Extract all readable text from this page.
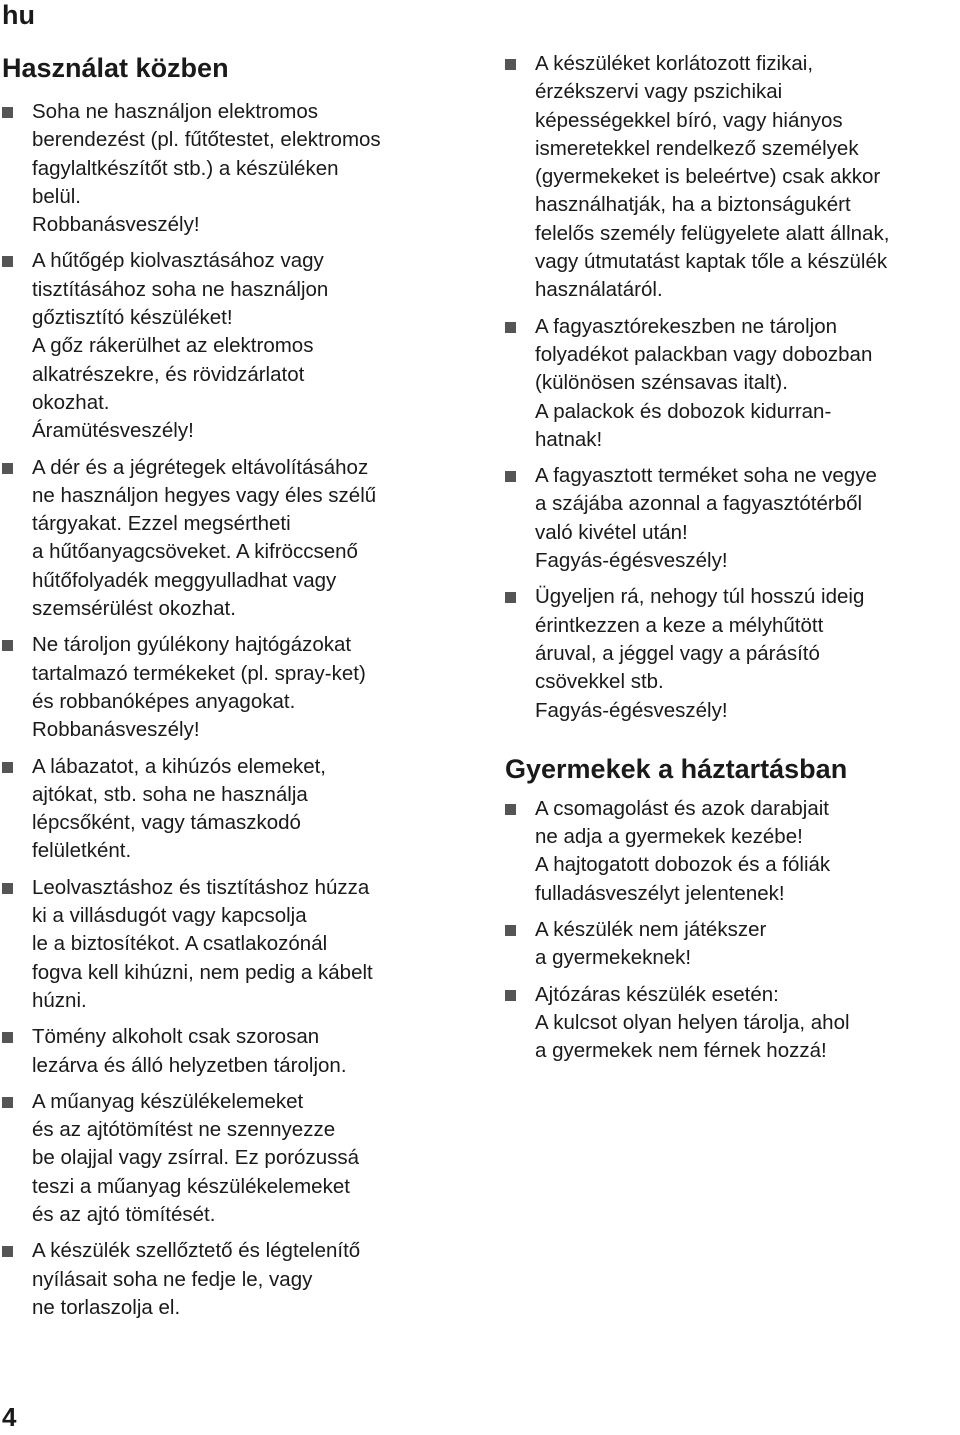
hu
Használat közben
Soha ne használjon elektromos
berendezést (pl. fűtőtestet, elektromos
fagylaltkészítőt stb.) a készüléken
belül.
Robbanásveszély!
A hűtőgép kiolvasztásához vagy
tisztításához soha ne használjon
gőztisztító készüléket!
A gőz rákerülhet az elektromos
alkatrészekre, és rövidzárlatot
okozhat.
Áramütésveszély!
A dér és a jégrétegek eltávolításához
ne használjon hegyes vagy éles szélű
tárgyakat. Ezzel megsértheti
a hűtőanyagcsöveket. A kifröccsenő
hűtőfolyadék meggyulladhat vagy
szemsérülést okozhat.
Ne tároljon gyúlékony hajtógázokat
tartalmazó termékeket (pl. spray-ket)
és robbanóképes anyagokat.
Robbanásveszély!
A lábazatot, a kihúzós elemeket,
ajtókat, stb. soha ne használja
lépcsőként, vagy támaszkodó
felületként.
Leolvasztáshoz és tisztításhoz húzza
ki a villásdugót vagy kapcsolja
le a biztosítékot. A csatlakozónál
fogva kell kihúzni, nem pedig a kábelt
húzni.
Tömény alkoholt csak szorosan
lezárva és álló helyzetben tároljon.
A műanyag készülékelemeket
és az ajtótömítést ne szennyezze
be olajjal vagy zsírral. Ez porózussá
teszi a műanyag készülékelemeket
és az ajtó tömítését.
A készülék szellőztető és légtelenítő
nyílásait soha ne fedje le, vagy
ne torlaszolja el.
A készüléket korlátozott fizikai,
érzékszervi vagy pszichikai
képességekkel bíró, vagy hiányos
ismeretekkel rendelkező személyek
(gyermekeket is beleértve) csak akkor
használhatják, ha a biztonságukért
felelős személy felügyelete alatt állnak,
vagy útmutatást kaptak tőle a készülék
használatáról.
A fagyasztórekeszben ne tároljon
folyadékot palackban vagy dobozban
(különösen szénsavas italt).
A palackok és dobozok kidurran-
hatnak!
A fagyasztott terméket soha ne vegye
a szájába azonnal a fagyasztótérből
való kivétel után!
Fagyás-égésveszély!
Ügyeljen rá, nehogy túl hosszú ideig
érintkezzen a keze a mélyhűtött
áruval, a jéggel vagy a párásító
csövekkel stb.
Fagyás-égésveszély!
Gyermekek a háztartásban
A csomagolást és azok darabjait
ne adja a gyermekek kezébe!
A hajtogatott dobozok és a fóliák
fulladásveszélyt jelentenek!
A készülék nem játékszer
a gyermekeknek!
Ajtózáras készülék esetén:
A kulcsot olyan helyen tárolja, ahol
a gyermekek nem férnek hozzá!
4
